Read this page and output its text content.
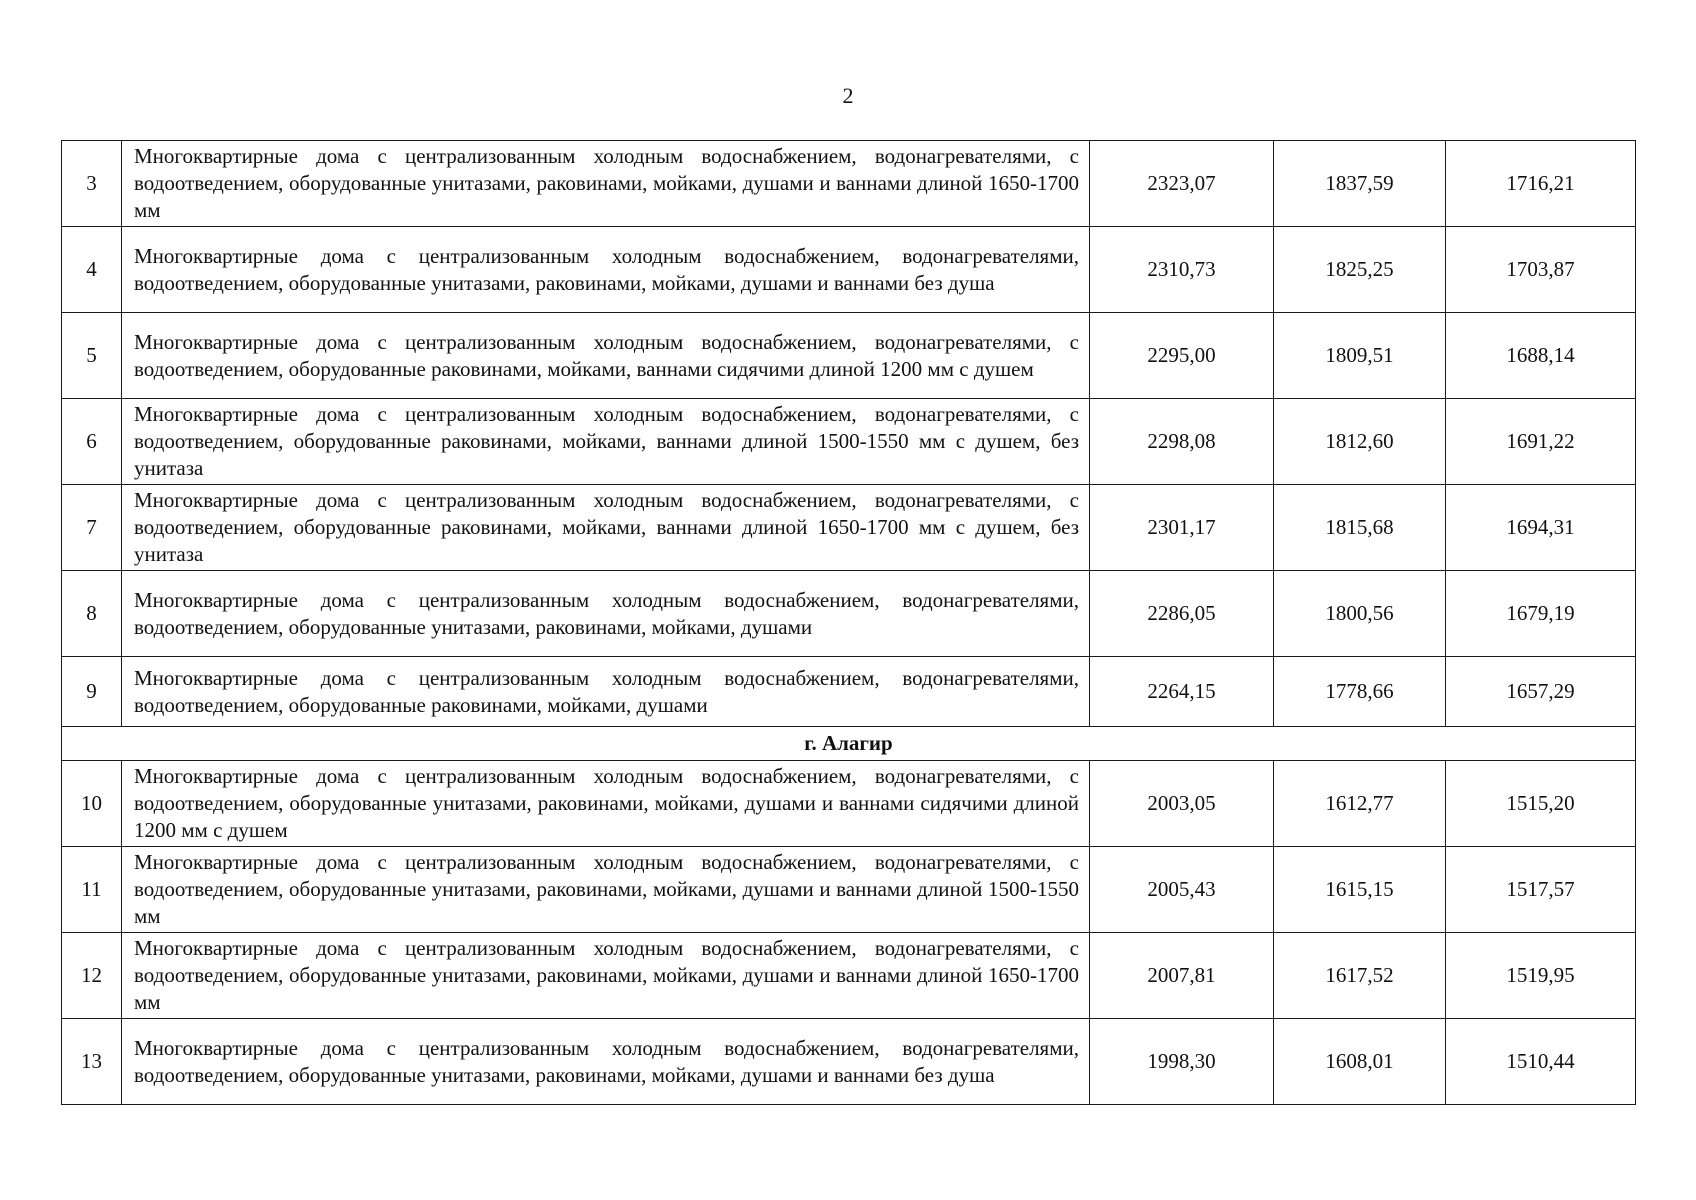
2
3	Многоквартирные дома с централизованным холодным водоснабжением, водонагревателями, с водоотведением, оборудованные унитазами, раковинами, мойками, душами и ваннами длиной 1650-1700 мм	2323,07	1837,59	1716,21
4	Многоквартирные дома с централизованным холодным водоснабжением, водонагревателями, водоотведением, оборудованные унитазами, раковинами, мойками, душами и ваннами без душа	2310,73	1825,25	1703,87
5	Многоквартирные дома с централизованным холодным водоснабжением, водонагревателями, с водоотведением, оборудованные раковинами, мойками, ваннами сидячими длиной 1200 мм с душем	2295,00	1809,51	1688,14
6	Многоквартирные дома с централизованным холодным водоснабжением, водонагревателями, с водоотведением, оборудованные раковинами, мойками, ваннами длиной 1500-1550 мм с душем, без унитаза	2298,08	1812,60	1691,22
7	Многоквартирные дома с централизованным холодным водоснабжением, водонагревателями, с водоотведением, оборудованные раковинами, мойками, ваннами длиной 1650-1700 мм с душем, без унитаза	2301,17	1815,68	1694,31
8	Многоквартирные дома с централизованным холодным водоснабжением, водонагревателями, водоотведением, оборудованные унитазами, раковинами, мойками, душами	2286,05	1800,56	1679,19
9	Многоквартирные дома с централизованным холодным водоснабжением, водонагревателями, водоотведением, оборудованные раковинами, мойками, душами	2264,15	1778,66	1657,29
г. Алагир				
10	Многоквартирные дома с централизованным холодным водоснабжением, водонагревателями, с водоотведением, оборудованные унитазами, раковинами, мойками, душами и ваннами сидячими длиной 1200 мм с душем	2003,05	1612,77	1515,20
11	Многоквартирные дома с централизованным холодным водоснабжением, водонагревателями, с водоотведением, оборудованные унитазами, раковинами, мойками, душами и ваннами длиной 1500-1550 мм	2005,43	1615,15	1517,57
12	Многоквартирные дома с централизованным холодным водоснабжением, водонагревателями, с водоотведением, оборудованные унитазами, раковинами, мойками, душами и ваннами длиной 1650-1700 мм	2007,81	1617,52	1519,95
13	Многоквартирные дома с централизованным холодным водоснабжением, водонагревателями, водоотведением, оборудованные унитазами, раковинами, мойками, душами и ваннами без душа	1998,30	1608,01	1510,44
